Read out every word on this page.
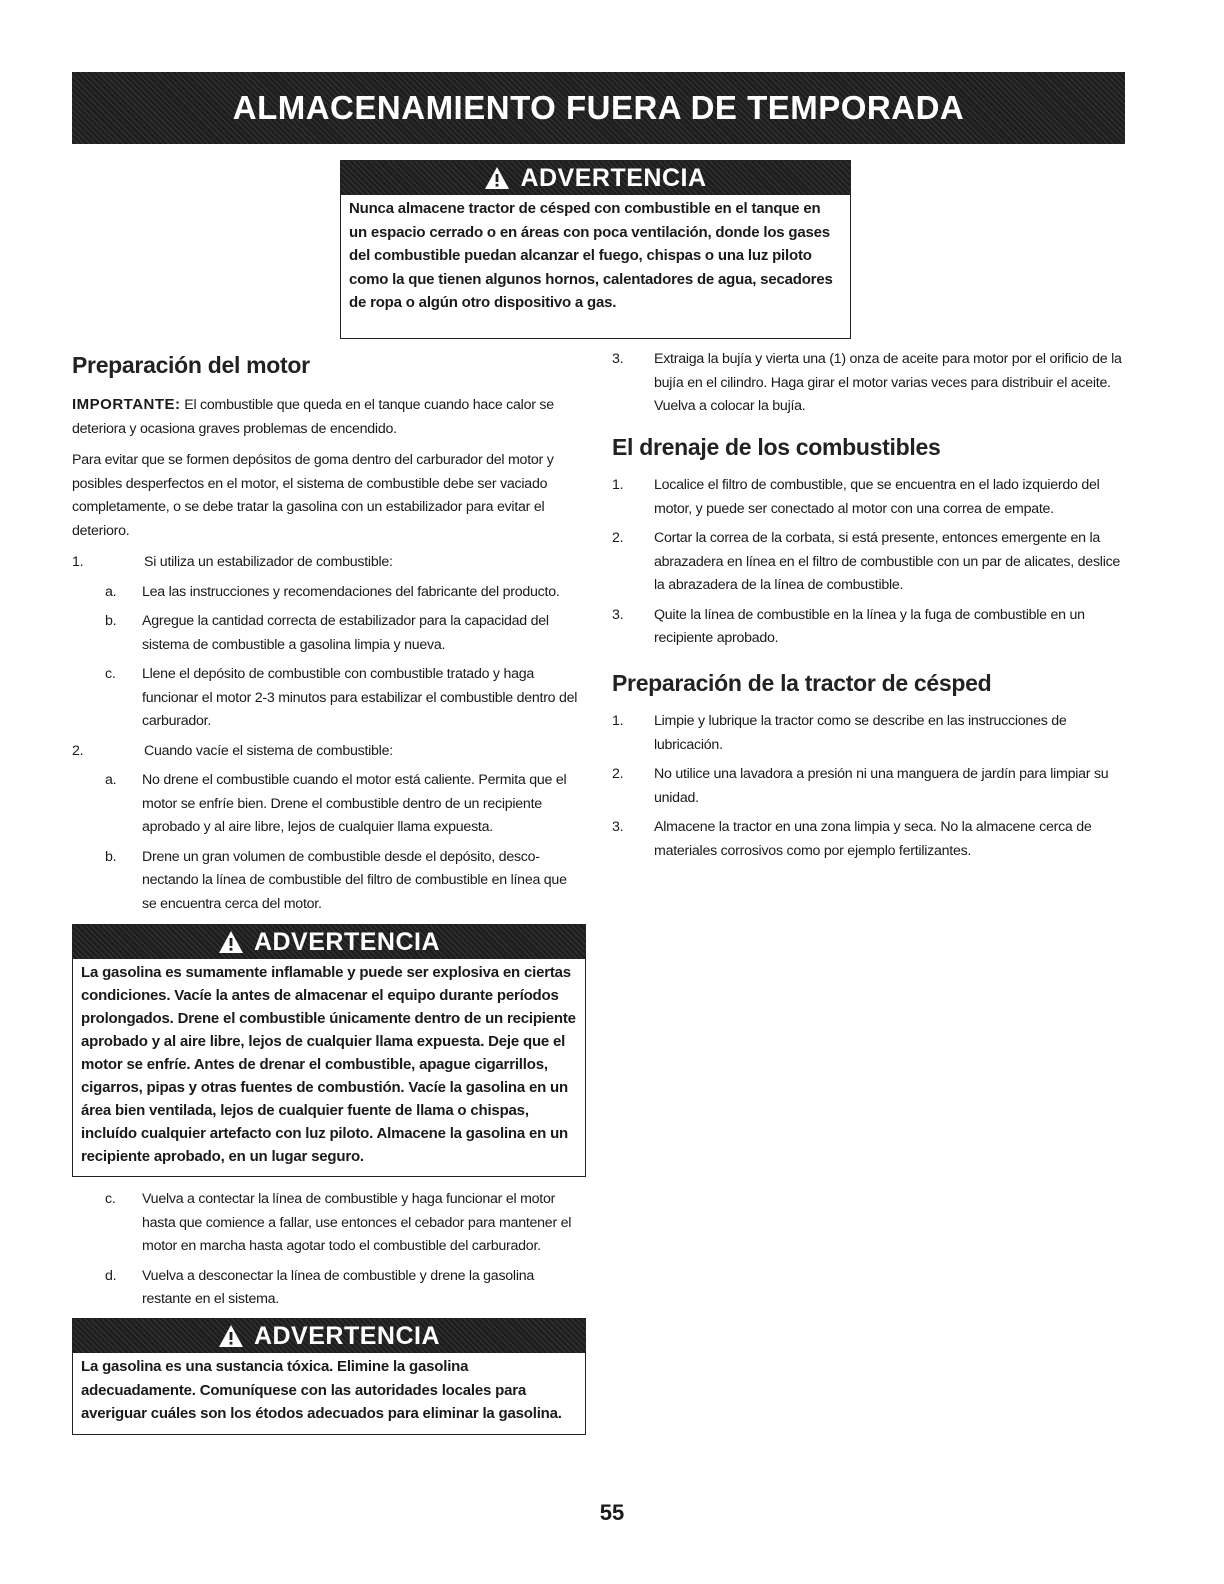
ALMACENAMIENTO FUERA DE TEMPORADA
ADVERTENCIA
Nunca almacene tractor de césped con combustible en el tanque en un espacio cerrado o en áreas con poca ventilación, donde los gases del combustible puedan alcanzar el fuego, chispas o una luz piloto como la que tienen algunos hornos, calentadores de agua, secadores de ropa o algún otro dispositivo a gas.
Preparación del motor

IMPORTANTE: El combustible que queda en el tanque cuando hace calor se deteriora y ocasiona graves problemas de encendido.

Para evitar que se formen depósitos de goma dentro del carburador del motor y posibles desperfectos en el motor, el sistema de combustible debe ser vaciado completamente, o se debe tratar la gasolina con un estabilizador para evitar el deterioro.

1.	Si utiliza un estabilizador de combustible:
a.	Lea las instrucciones y recomendaciones del fabricante del producto.
b.	Agregue la cantidad correcta de estabilizador para la capacidad del sistema de combustible a gasolina limpia y nueva.
c.	Llene el depósito de combustible con combustible tratado y haga funcionar el motor 2-3 minutos para estabilizar el combustible dentro del carburador.
2.	Cuando vacíe el sistema de combustible:
a.	No drene el combustible cuando el motor está caliente. Permita que el motor se enfríe bien. Drene el combustible dentro de un recipiente aprobado y al aire libre, lejos de cualquier llama expuesta.
b.	Drene un gran volumen de combustible desde el depósito, desco-nectando la línea de combustible del filtro de combustible en línea que se encuentra cerca del motor.
ADVERTENCIA
La gasolina es sumamente inflamable y puede ser explosiva en ciertas condiciones. Vacíe la antes de almacenar el equipo durante períodos prolongados. Drene el combustible únicamente dentro de un recipiente aprobado y al aire libre, lejos de cualquier llama expuesta. Deje que el motor se enfríe. Antes de drenar el combustible, apague cigarrillos, cigarros, pipas y otras fuentes de combustión. Vacíe la gasolina en un área bien ventilada, lejos de cualquier fuente de llama o chispas, incluído cualquier artefacto con luz piloto. Almacene la gasolina en un recipiente aprobado, en un lugar seguro.
c.	Vuelva a contectar la línea de combustible y haga funcionar el motor hasta que comience a fallar, use entonces el cebador para mantener el motor en marcha hasta agotar todo el combustible del carburador.
d.	Vuelva a desconectar la línea de combustible y drene la gasolina restante en el sistema.
ADVERTENCIA
La gasolina es una sustancia tóxica. Elimine la gasolina adecuadamente. Comuníquese con las autoridades locales para averiguar cuáles son los étodos adecuados para eliminar la gasolina.
3.	Extraiga la bujía y vierta una (1) onza de aceite para motor por el orificio de la bujía en el cilindro. Haga girar el motor varias veces para distribuir el aceite. Vuelva a colocar la bujía.
El drenaje de los combustibles
1.	Localice el filtro de combustible, que se encuentra en el lado izquierdo del motor, y puede ser conectado al motor con una correa de empate.
2.	Cortar la correa de la corbata, si está presente, entonces emergente en la abrazadera en línea en el filtro de combustible con un par de alicates, deslice la abrazadera de la línea de combustible.
3.	Quite la línea de combustible en la línea y la fuga de combustible en un recipiente aprobado.
Preparación de la tractor de césped
1.	Limpie y lubrique la tractor como se describe en las instrucciones de lubricación.
2.	No utilice una lavadora a presión ni una manguera de jardín para limpiar su unidad.
3.	Almacene la tractor en una zona limpia y seca. No la almacene cerca de materiales corrosivos como por ejemplo fertilizantes.
55
